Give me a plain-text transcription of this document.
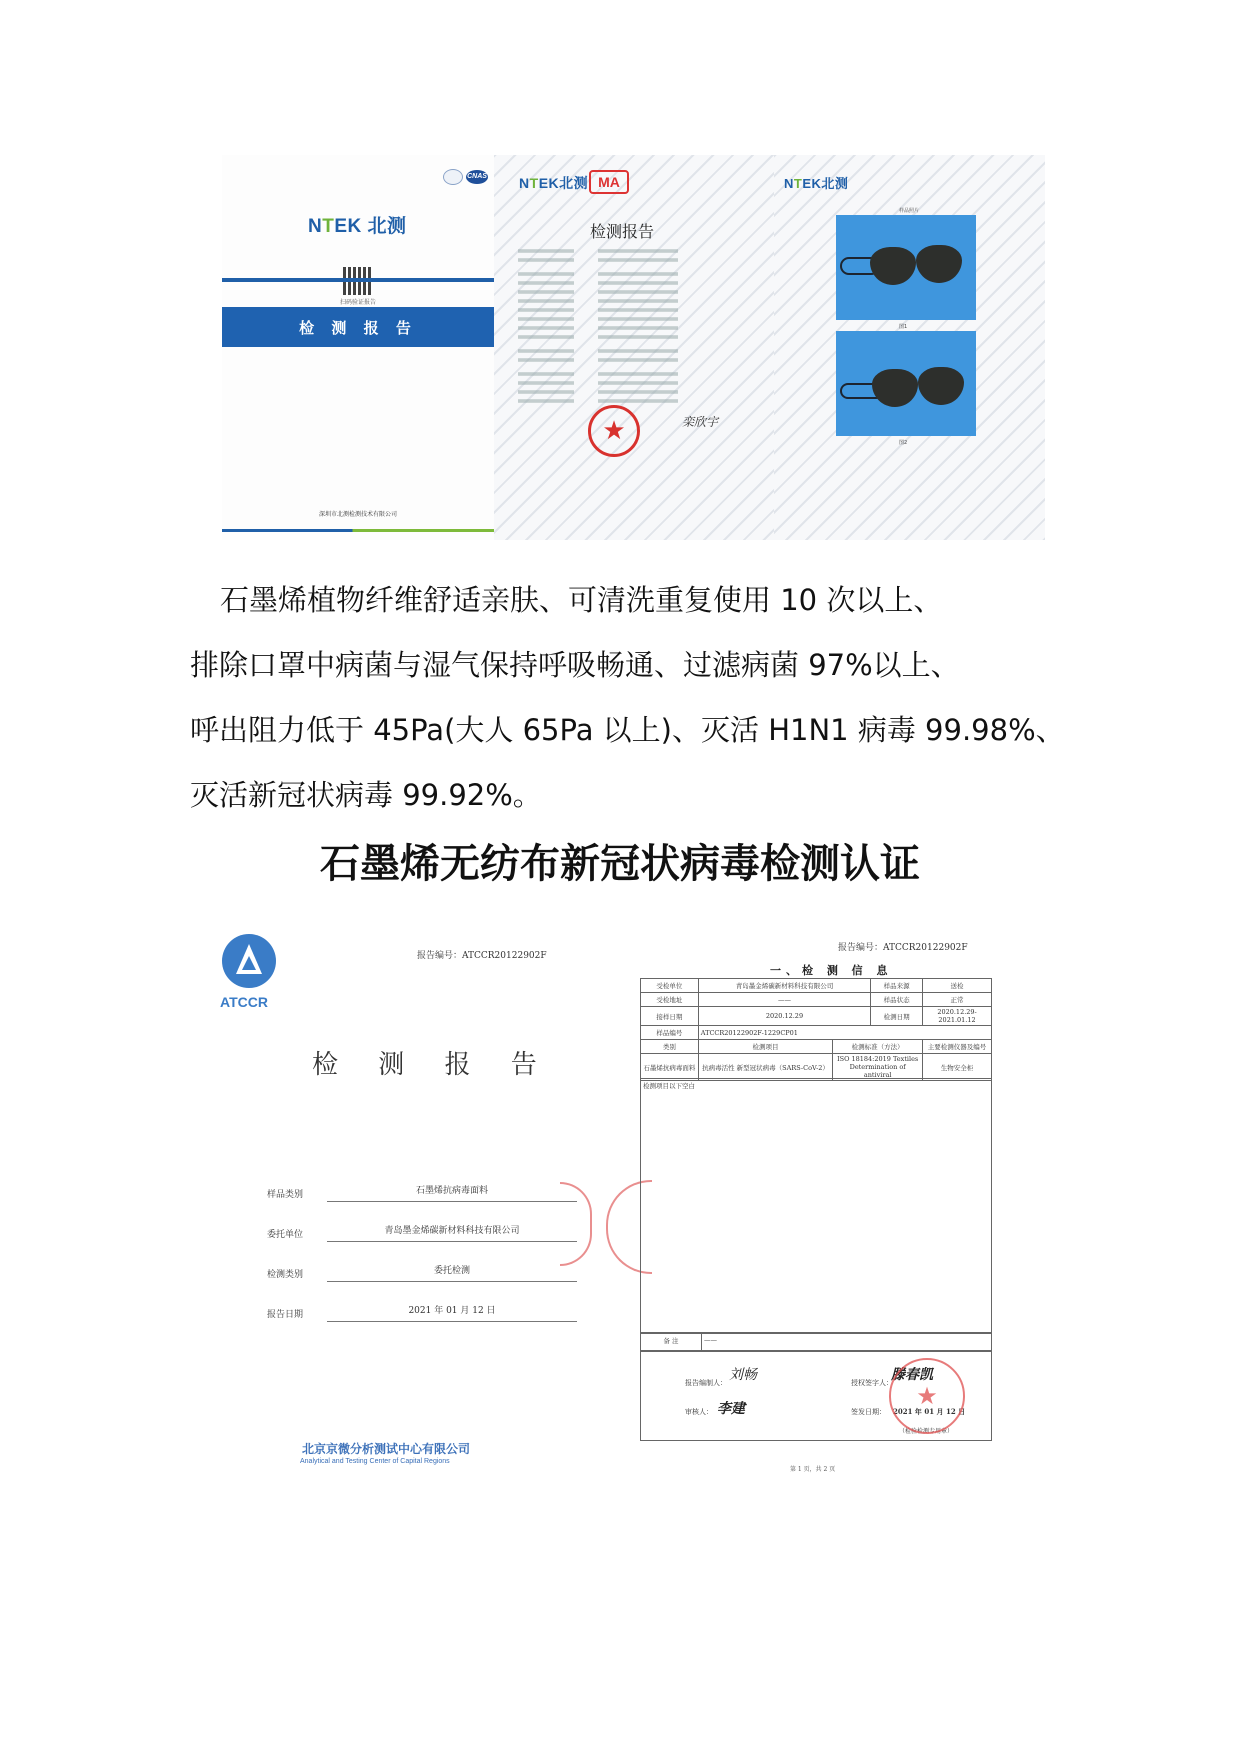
CNAS
NTEK 北测
扫码验证报告
检 测 报 告
深圳市北测检测技术有限公司
NTEK北测 MA
检测报告
★	栾欣宇
NTEK北测
样品照片
图1
图2
石墨烯植物纤维舒适亲肤、可清洗重复使用 10 次以上、
排除口罩中病菌与湿气保持呼吸畅通、过滤病菌 97%以上、
呼出阻力低于 45Pa(大人 65Pa 以上)、灭活 H1N1 病毒 99.98%、
灭活新冠状病毒 99.92%。
石墨烯无纺布新冠状病毒检测认证
ATCCR
报告编号：ATCCR20122902F
检 测 报 告
样品类别	石墨烯抗病毒面料
委托单位	青岛墨金烯碳新材料科技有限公司
检测类别	委托检测
报告日期	2021 年 01 月 12 日
北京京微分析测试中心有限公司
Analytical and Testing Center of Capital Regions
报告编号：ATCCR20122902F
一、检 测 信 息
受检单位	青岛墨金烯碳新材料科技有限公司		样品来源	送检
受检地址	——		样品状态	正常
接样日期	2020.12.29		检测日期	2020.12.29-2021.01.12
样品编号	ATCCR20122902F-1229CP01			
类别	检测项目	检测标准（方法）		主要检测仪器及编号
石墨烯抗病毒面料	抗病毒活性 新型冠状病毒（SARS-CoV-2）	ISO 18184:2019 Textiles Determination of antiviral		生物安全柜
检测项目以下空白
备 注	——
报告编制人： 刘畅
审核人： 李建
授权签字人：
滕春凯
签发日期： 2021 年 01 月 12 日
（检验检测专用章）
★
第 1 页，共 2 页
